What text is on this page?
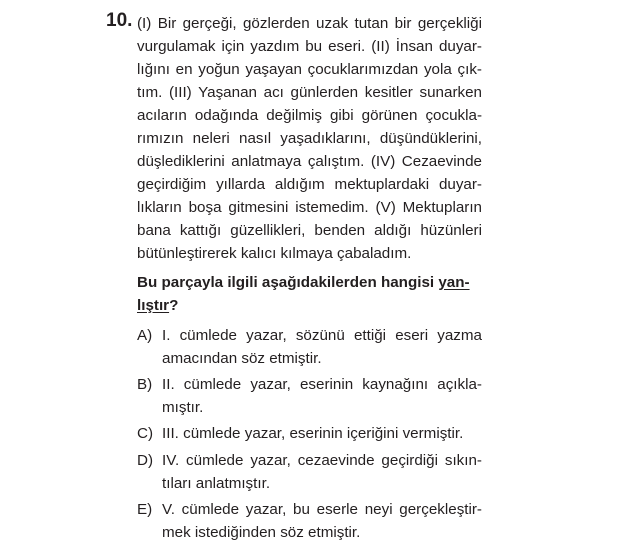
10. (I) Bir gerçeği, gözlerden uzak tutan bir gerçekliği
vurgulamak için yazdım bu eseri. (II) İnsan duyar-
lığını en yoğun yaşayan çocuklarımızdan yola çık-
tım. (III) Yaşanan acı günlerden kesitler sunarken
acıların odağında değilmiş gibi görünen çocukla-
rımızın neleri nasıl yaşadıklarını, düşündüklerini,
düşlediklerini anlatmaya çalıştım. (IV) Cezaevinde
geçirdiğim yıllarda aldığım mektuplardaki duyar-
lıkların boşa gitmesini istemedim. (V) Mektupların
bana kattığı güzellikleri, benden aldığı hüzünleri
bütünleştirerek kalıcı kılmaya çabaladım.
Bu parçayla ilgili aşağıdakilerden hangisi yan-
lıştır?
A) I. cümlede yazar, sözünü ettiği eseri yazma
amacından söz etmiştir.
B) II. cümlede yazar, eserinin kaynağını açıkla-
mıştır.
C) III. cümlede yazar, eserinin içeriğini vermiştir.
D) IV. cümlede yazar, cezaevinde geçirdiği sıkın-
tıları anlatmıştır.
E) V. cümlede yazar, bu eserle neyi gerçekleştir-
mek istediğinden söz etmiştir.
